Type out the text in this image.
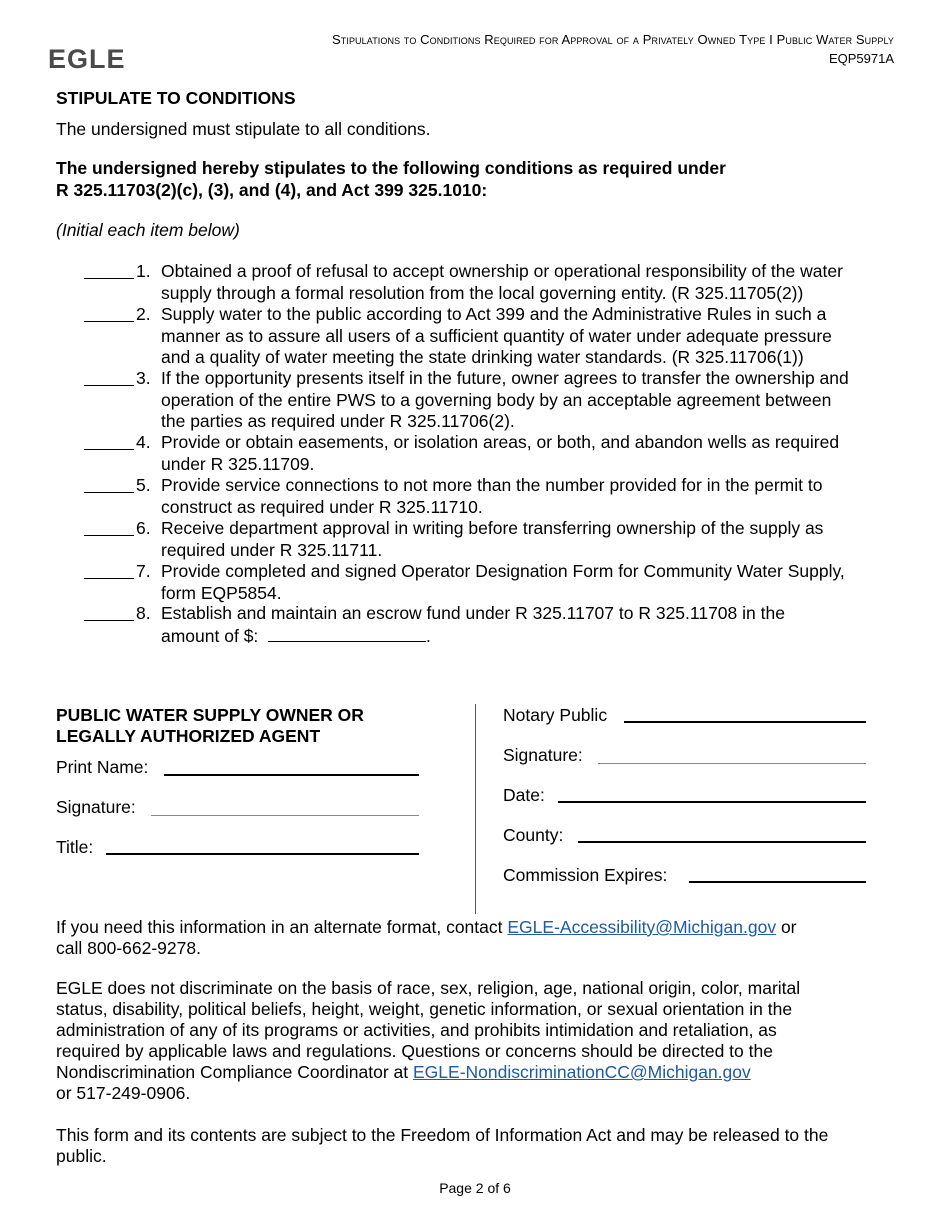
EGLE
Stipulations to Conditions Required for Approval of a Privately Owned Type I Public Water Supply
EQP5971A
STIPULATE TO CONDITIONS
The undersigned must stipulate to all conditions.
The undersigned hereby stipulates to the following conditions as required under
R 325.11703(2)(c), (3), and (4), and Act 399 325.1010:
(Initial each item below)
1. Obtained a proof of refusal to accept ownership or operational responsibility of the water
supply through a formal resolution from the local governing entity. (R 325.11705(2))
2. Supply water to the public according to Act 399 and the Administrative Rules in such a
manner as to assure all users of a sufficient quantity of water under adequate pressure
and a quality of water meeting the state drinking water standards. (R 325.11706(1))
3. If the opportunity presents itself in the future, owner agrees to transfer the ownership and
operation of the entire PWS to a governing body by an acceptable agreement between
the parties as required under R 325.11706(2).
4. Provide or obtain easements, or isolation areas, or both, and abandon wells as required
under R 325.11709.
5. Provide service connections to not more than the number provided for in the permit to
construct as required under R 325.11710.
6. Receive department approval in writing before transferring ownership of the supply as
required under R 325.11711.
7. Provide completed and signed Operator Designation Form for Community Water Supply,
form EQP5854.
8. Establish and maintain an escrow fund under R 325.11707 to R 325.11708 in the
amount of $:	.
PUBLIC WATER SUPPLY OWNER OR
LEGALLY AUTHORIZED AGENT
Print Name:
Signature:
Title:
Notary Public
Signature:
Date:
County:
Commission Expires:
If you need this information in an alternate format, contact EGLE-Accessibility@Michigan.gov or
call 800-662-9278.
EGLE does not discriminate on the basis of race, sex, religion, age, national origin, color, marital
status, disability, political beliefs, height, weight, genetic information, or sexual orientation in the
administration of any of its programs or activities, and prohibits intimidation and retaliation, as
required by applicable laws and regulations. Questions or concerns should be directed to the
Nondiscrimination Compliance Coordinator at EGLE-NondiscriminationCC@Michigan.gov
or 517-249-0906.
This form and its contents are subject to the Freedom of Information Act and may be released to the
public.
Page 2 of 6
